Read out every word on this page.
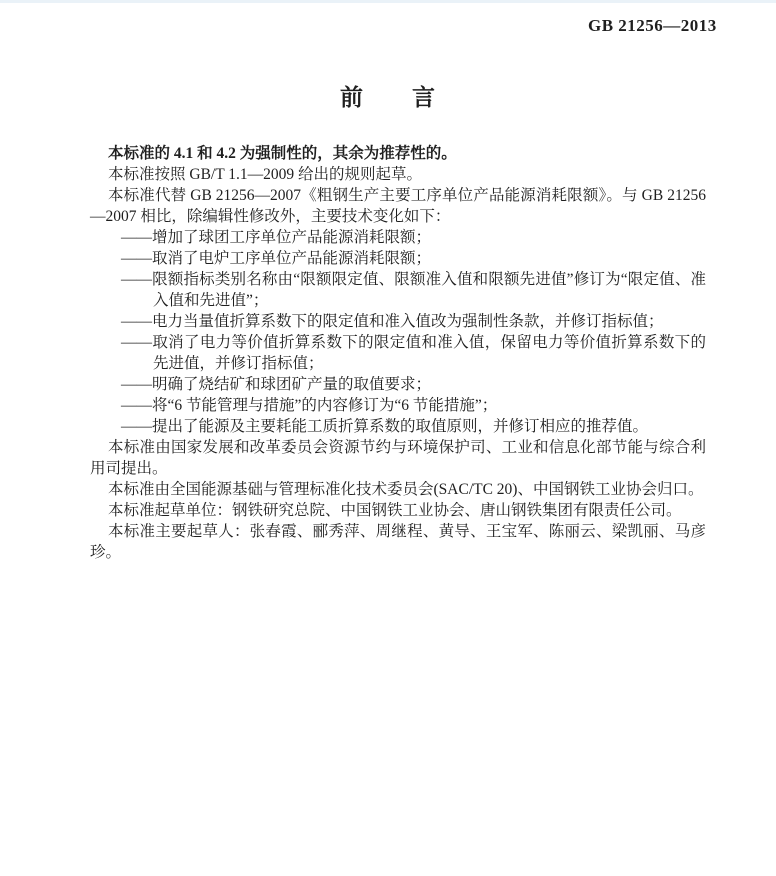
GB 21256—2013
前　　言

本标准的 4.1 和 4.2 为强制性的，其余为推荐性的。

本标准按照 GB/T 1.1—2009 给出的规则起草。

本标准代替 GB 21256—2007《粗钢生产主要工序单位产品能源消耗限额》。与 GB 21256—2007 相比，除编辑性修改外，主要技术变化如下：

——增加了球团工序单位产品能源消耗限额；

——取消了电炉工序单位产品能源消耗限额；

——限额指标类别名称由“限额限定值、限额准入值和限额先进值”修订为“限定值、准入值和先进值”；

——电力当量值折算系数下的限定值和准入值改为强制性条款，并修订指标值；

——取消了电力等价值折算系数下的限定值和准入值，保留电力等价值折算系数下的先进值，并修订指标值；

——明确了烧结矿和球团矿产量的取值要求；

——将“6 节能管理与措施”的内容修订为“6 节能措施”；

——提出了能源及主要耗能工质折算系数的取值原则，并修订相应的推荐值。

本标准由国家发展和改革委员会资源节约与环境保护司、工业和信息化部节能与综合利用司提出。

本标准由全国能源基础与管理标准化技术委员会(SAC/TC 20)、中国钢铁工业协会归口。

本标准起草单位：钢铁研究总院、中国钢铁工业协会、唐山钢铁集团有限责任公司。

本标准主要起草人：张春霞、郦秀萍、周继程、黄导、王宝军、陈丽云、梁凯丽、马彦珍。
